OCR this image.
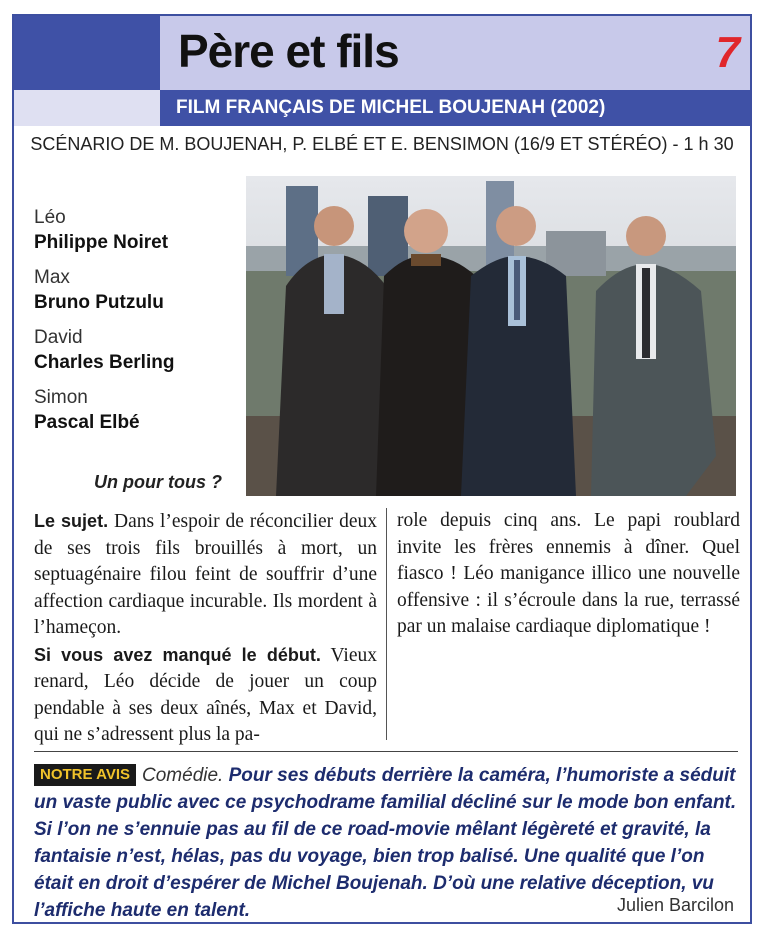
Père et fils	7
FILM FRANÇAIS DE MICHEL BOUJENAH (2002)
SCÉNARIO DE M. BOUJENAH, P. ELBÉ ET E. BENSIMON (16/9 ET STÉRÉO) - 1 h 30
Léo
Philippe Noiret
Max
Bruno Putzulu
David
Charles Berling
Simon
Pascal Elbé
Un pour tous ?
Le sujet. Dans l’espoir de réconcilier deux de ses trois fils brouillés à mort, un septuagénaire filou feint de souffrir d’une affection cardiaque incurable. Ils mordent à l’hameçon.
Si vous avez manqué le début. Vieux renard, Léo décide de jouer un coup pendable à ses deux aînés, Max et David, qui ne s’adressent plus la pa-
role depuis cinq ans. Le papi roublard invite les frères ennemis à dîner. Quel fiasco ! Léo manigance illico une nouvelle offensive : il s’écroule dans la rue, terrassé par un malaise cardiaque diplomatique !
NOTRE AVIS Comédie. Pour ses débuts derrière la caméra, l’humoriste a séduit un vaste public avec ce psychodrame familial décliné sur le mode bon enfant. Si l’on ne s’ennuie pas au fil de ce road-movie mêlant légèreté et gravité, la fantaisie n’est, hélas, pas du voyage, bien trop balisé. Une qualité que l’on était en droit d’espérer de Michel Boujenah. D’où une relative déception, vu l’affiche haute en talent.	Julien Barcilon
